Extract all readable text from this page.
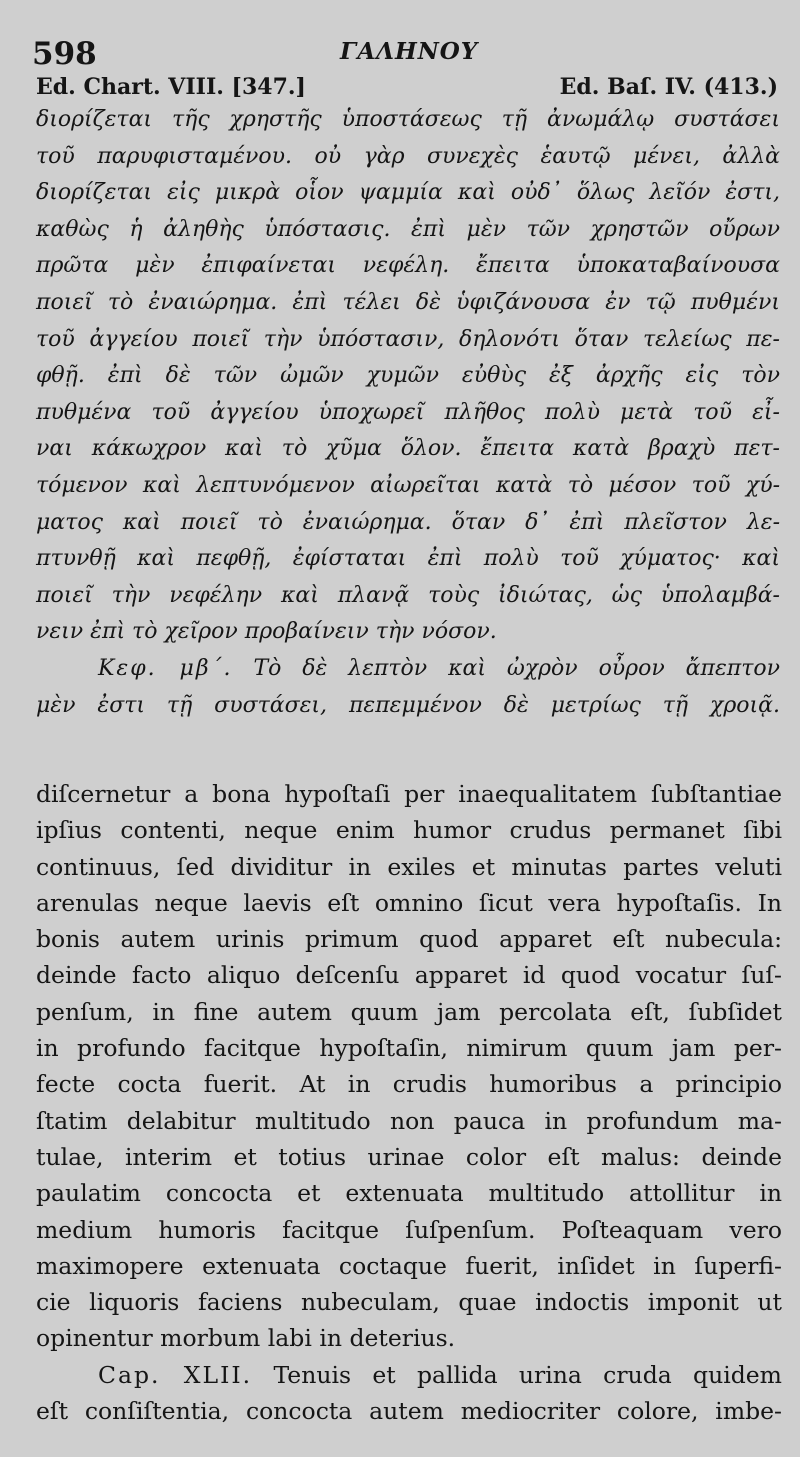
598	ΓΑΛΗΝΟΥ
Ed. Chart. VIII. [347.]	Ed. Baſ. IV. (413.)
διορίζεται τῆς χρηστῆς ὑποστάσεως τῇ ἀνωμάλῳ συστάσει
τοῦ παρυφισταμένου. οὐ γὰρ συνεχὲς ἑαυτῷ μένει, ἀλλὰ
διορίζεται εἰς μικρὰ οἷον ψαμμία καὶ οὐδ᾽ ὅλως λεῖόν ἐστι,
καθὼς ἡ ἀληθὴς ὑπόστασις. ἐπὶ μὲν τῶν χρηστῶν οὔρων
πρῶτα μὲν ἐπιφαίνεται νεφέλη. ἔπειτα ὑποκαταβαίνουσα
ποιεῖ τὸ ἐναιώρημα. ἐπὶ τέλει δὲ ὑφιζάνουσα ἐν τῷ πυθμένι
τοῦ ἀγγείου ποιεῖ τὴν ὑπόστασιν, δηλονότι ὅταν τελείως πε-
φθῇ. ἐπὶ δὲ τῶν ὠμῶν χυμῶν εὐθὺς ἐξ ἀρχῆς εἰς τὸν
πυθμένα τοῦ ἀγγείου ὑποχωρεῖ πλῆθος πολὺ μετὰ τοῦ εἶ-
ναι κάκωχρον καὶ τὸ χῦμα ὅλον. ἔπειτα κατὰ βραχὺ πετ-
τόμενον καὶ λεπτυνόμενον αἰωρεῖται κατὰ τὸ μέσον τοῦ χύ-
ματος καὶ ποιεῖ τὸ ἐναιώρημα. ὅταν δ᾽ ἐπὶ πλεῖστον λε-
πτυνθῇ καὶ πεφθῇ, ἐφίσταται ἐπὶ πολὺ τοῦ χύματος· καὶ
ποιεῖ τὴν νεφέλην καὶ πλανᾷ τοὺς ἰδιώτας, ὡς ὑπολαμβά-
νειν ἐπὶ τὸ χεῖρον προβαίνειν τὴν νόσον.
Κεφ. μβ΄. Τὸ δὲ λεπτὸν καὶ ὠχρὸν οὖρον ἄπεπτον
μὲν ἐστι τῇ συστάσει, πεπεμμένον δὲ μετρίως τῇ χροιᾷ.
diſcernetur a bona hypoſtaſi per inaequalitatem ſubſtantiae
ipſius contenti, neque enim humor crudus permanet ſibi
continuus, ſed dividitur in exiles et minutas partes veluti
arenulas neque laevis eſt omnino ſicut vera hypoſtaſis. In
bonis autem urinis primum quod apparet eſt nubecula:
deinde facto aliquo deſcenſu apparet id quod vocatur ſuſ-
penſum, in fine autem quum jam percolata eſt, ſubſidet
in profundo facitque hypoſtaſin, nimirum quum jam per-
fecte cocta fuerit. At in crudis humoribus a principio
ſtatim delabitur multitudo non pauca in profundum ma-
tulae, interim et totius urinae color eſt malus: deinde
paulatim concocta et extenuata multitudo attollitur in
medium humoris facitque ſuſpenſum. Poſteaquam vero
maximopere extenuata coctaque fuerit, inſidet in ſuperfi-
cie liquoris faciens nubeculam, quae indoctis imponit ut
opinentur morbum labi in deterius.
Cap. XLII. Tenuis et pallida urina cruda quidem
eſt conſiſtentia, concocta autem mediocriter colore, imbe-
